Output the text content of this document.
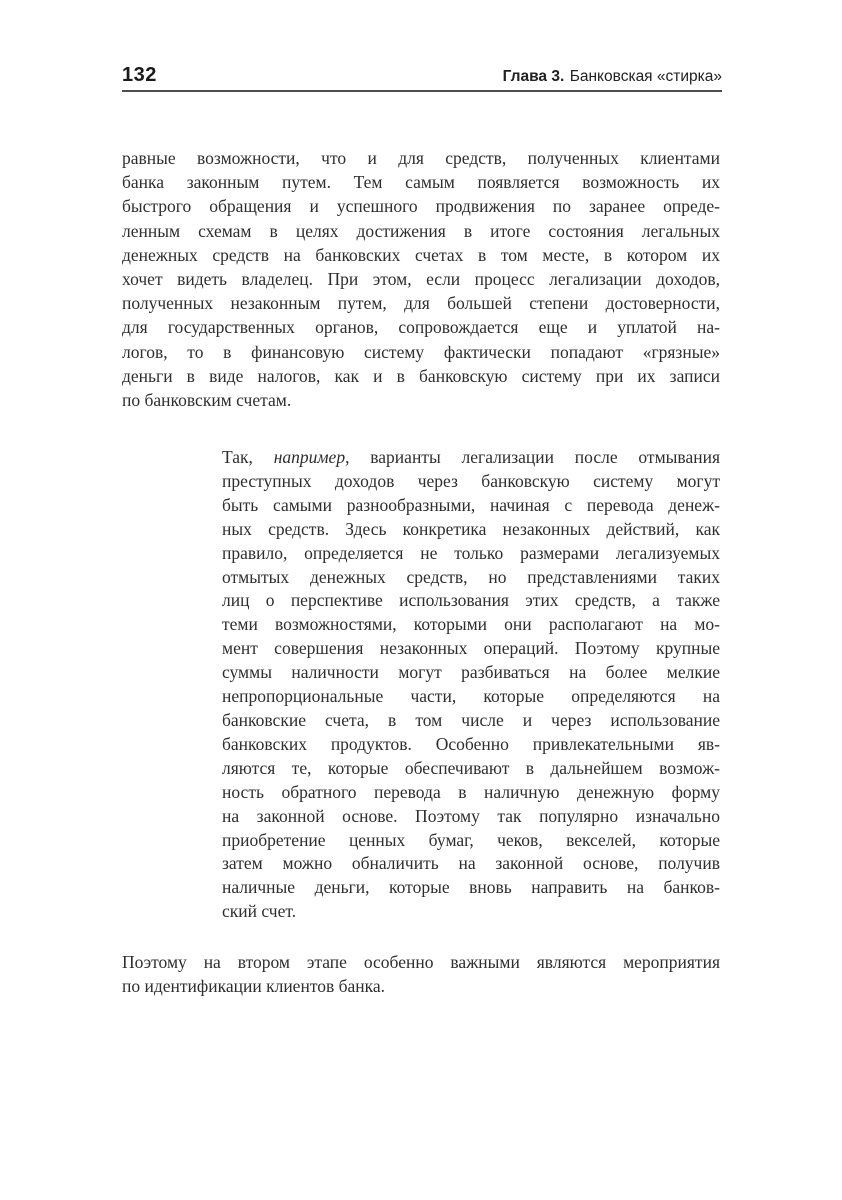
132	Глава 3. Банковская «стирка»
равные возможности, что и для средств, полученных клиентами
банка законным путем. Тем самым появляется возможность их
быстрого обращения и успешного продвижения по заранее опреде-
ленным схемам в целях достижения в итоге состояния легальных
денежных средств на банковских счетах в том месте, в котором их
хочет видеть владелец. При этом, если процесс легализации доходов,
полученных незаконным путем, для большей степени достоверности,
для государственных органов, сопровождается еще и уплатой на-
логов, то в финансовую систему фактически попадают «грязные»
деньги в виде налогов, как и в банковскую систему при их записи
по банковским счетам.
Так, например, варианты легализации после отмывания
преступных доходов через банковскую систему могут
быть самыми разнообразными, начиная с перевода денеж-
ных средств. Здесь конкретика незаконных действий, как
правило, определяется не только размерами легализуемых
отмытых денежных средств, но представлениями таких
лиц о перспективе использования этих средств, а также
теми возможностями, которыми они располагают на мо-
мент совершения незаконных операций. Поэтому крупные
суммы наличности могут разбиваться на более мелкие
непропорциональные части, которые определяются на
банковские счета, в том числе и через использование
банковских продуктов. Особенно привлекательными яв-
ляются те, которые обеспечивают в дальнейшем возмож-
ность обратного перевода в наличную денежную форму
на законной основе. Поэтому так популярно изначально
приобретение ценных бумаг, чеков, векселей, которые
затем можно обналичить на законной основе, получив
наличные деньги, которые вновь направить на банков-
ский счет.
Поэтому на втором этапе особенно важными являются мероприятия
по идентификации клиентов банка.
